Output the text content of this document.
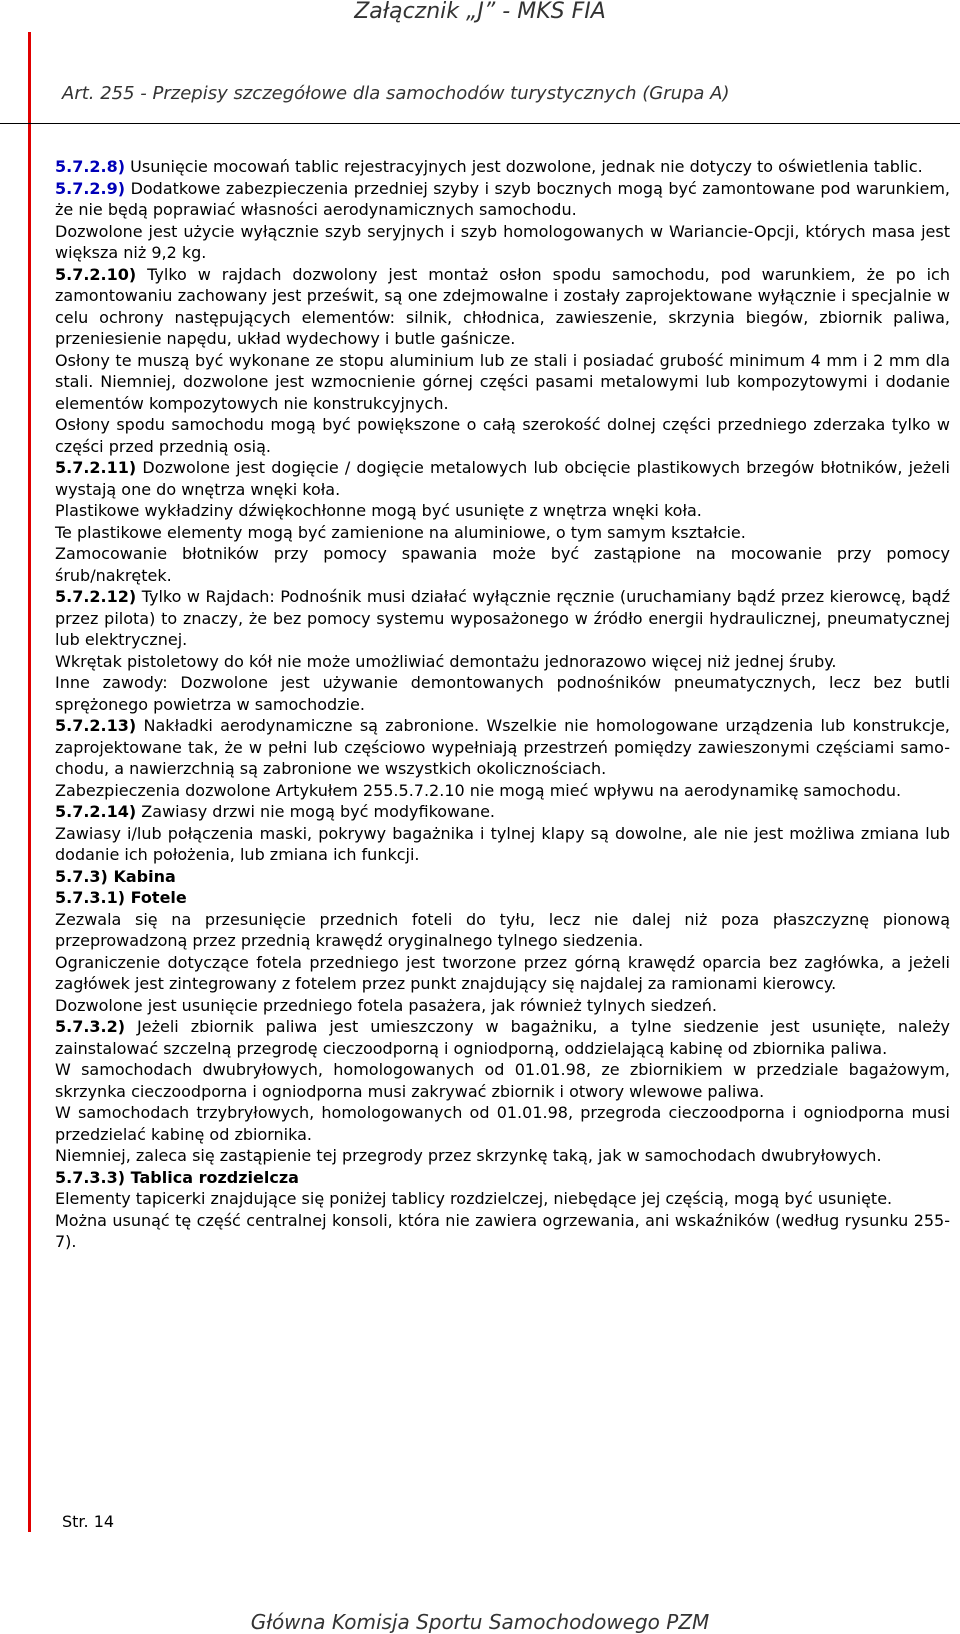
Załącznik „J” - MKS FIA
Art. 255 - Przepisy szczegółowe dla samochodów turystycznych (Grupa A)

5.7.2.8) Usunięcie mocowań tablic rejestracyjnych jest dozwolone, jednak nie dotyczy to oświetlenia tablic.

5.7.2.9) Dodatkowe zabezpieczenia przedniej szyby i szyb bocznych mogą być zamontowane pod warunkiem, że nie będą poprawiać własności aerodynamicznych samochodu.

Dozwolone jest użycie wyłącznie szyb seryjnych i szyb homologowanych w Wariancie-Opcji, których masa jest większa niż 9,2 kg.

5.7.2.10) Tylko w rajdach dozwolony jest montaż osłon spodu samochodu, pod warunkiem, że po ich zamontowaniu zachowany jest prześwit, są one zdejmowalne i zostały zaprojektowane wyłącznie i specjalnie w celu ochrony następujących elementów: silnik, chłodnica, zawieszenie, skrzynia biegów, zbiornik paliwa, przeniesienie napędu, układ wydechowy i butle gaśnicze.

Osłony te muszą być wykonane ze stopu aluminium lub ze stali i posiadać grubość minimum 4 mm i 2 mm dla stali. Niemniej, dozwolone jest wzmocnienie górnej części pasami metalowymi lub kompozytowymi i dodanie elementów kompozytowych nie konstrukcyjnych.

Osłony spodu samochodu mogą być powiększone o całą szerokość dolnej części przedniego zderzaka tylko w części przed przednią osią.

5.7.2.11) Dozwolone jest dogięcie / dogięcie metalowych lub obcięcie plastikowych brzegów błotników, jeżeli wystają one do wnętrza wnęki koła.

Plastikowe wykładziny dźwiękochłonne mogą być usunięte z wnętrza wnęki koła.

Te plastikowe elementy mogą być zamienione na aluminiowe, o tym samym kształcie.

Zamocowanie błotników przy pomocy spawania może być zastąpione na mocowanie przy pomocy śrub/nakrętek.

5.7.2.12) Tylko w Rajdach: Podnośnik musi działać wyłącznie ręcznie (uruchamiany bądź przez kierowcę, bądź przez pilota) to znaczy, że bez pomocy systemu wyposażonego w źródło energii hydraulicznej, pneumatycznej lub elektrycznej.

Wkrętak pistoletowy do kół nie może umożliwiać demontażu jednorazowo więcej niż jednej śruby.

Inne zawody: Dozwolone jest używanie demontowanych podnośników pneumatycznych, lecz bez butli sprężonego powietrza w samochodzie.

5.7.2.13) Nakładki aerodynamiczne są zabronione. Wszelkie nie homologowane urządzenia lub konstrukcje, zaprojektowane tak, że w pełni lub częściowo wypełniają przestrzeń pomiędzy zawieszonymi częściami samo-chodu, a nawierzchnią są zabronione we wszystkich okolicznościach.

Zabezpieczenia dozwolone Artykułem 255.5.7.2.10 nie mogą mieć wpływu na aerodynamikę samochodu.

5.7.2.14) Zawiasy drzwi nie mogą być modyfikowane.

Zawiasy i/lub połączenia maski, pokrywy bagażnika i tylnej klapy są dowolne, ale nie jest możliwa zmiana lub dodanie ich położenia, lub zmiana ich funkcji.

5.7.3) Kabina

5.7.3.1) Fotele

Zezwala się na przesunięcie przednich foteli do tyłu, lecz nie dalej niż poza płaszczyznę pionową przeprowadzoną przez przednią krawędź oryginalnego tylnego siedzenia.

Ograniczenie dotyczące fotela przedniego jest tworzone przez górną krawędź oparcia bez zagłówka, a jeżeli zagłówek jest zintegrowany z fotelem przez punkt znajdujący się najdalej za ramionami kierowcy.

Dozwolone jest usunięcie przedniego fotela pasażera, jak również tylnych siedzeń.

5.7.3.2) Jeżeli zbiornik paliwa jest umieszczony w bagażniku, a tylne siedzenie jest usunięte, należy zainstalować szczelną przegrodę cieczoodporną i ogniodporną, oddzielającą kabinę od zbiornika paliwa.

W samochodach dwubryłowych, homologowanych od 01.01.98, ze zbiornikiem w przedziale bagażowym, skrzynka cieczoodporna i ogniodporna musi zakrywać zbiornik i otwory wlewowe paliwa.

W samochodach trzybryłowych, homologowanych od 01.01.98, przegroda cieczoodporna i ogniodporna musi przedzielać kabinę od zbiornika.

Niemniej, zaleca się zastąpienie tej przegrody przez skrzynkę taką, jak w samochodach dwubryłowych.

5.7.3.3) Tablica rozdzielcza

Elementy tapicerki znajdujące się poniżej tablicy rozdzielczej, niebędące jej częścią, mogą być usunięte.

Można usunąć tę część centralnej konsoli, która nie zawiera ogrzewania, ani wskaźników (według rysunku 255-7).

Str. 14
Główna Komisja Sportu Samochodowego PZM
